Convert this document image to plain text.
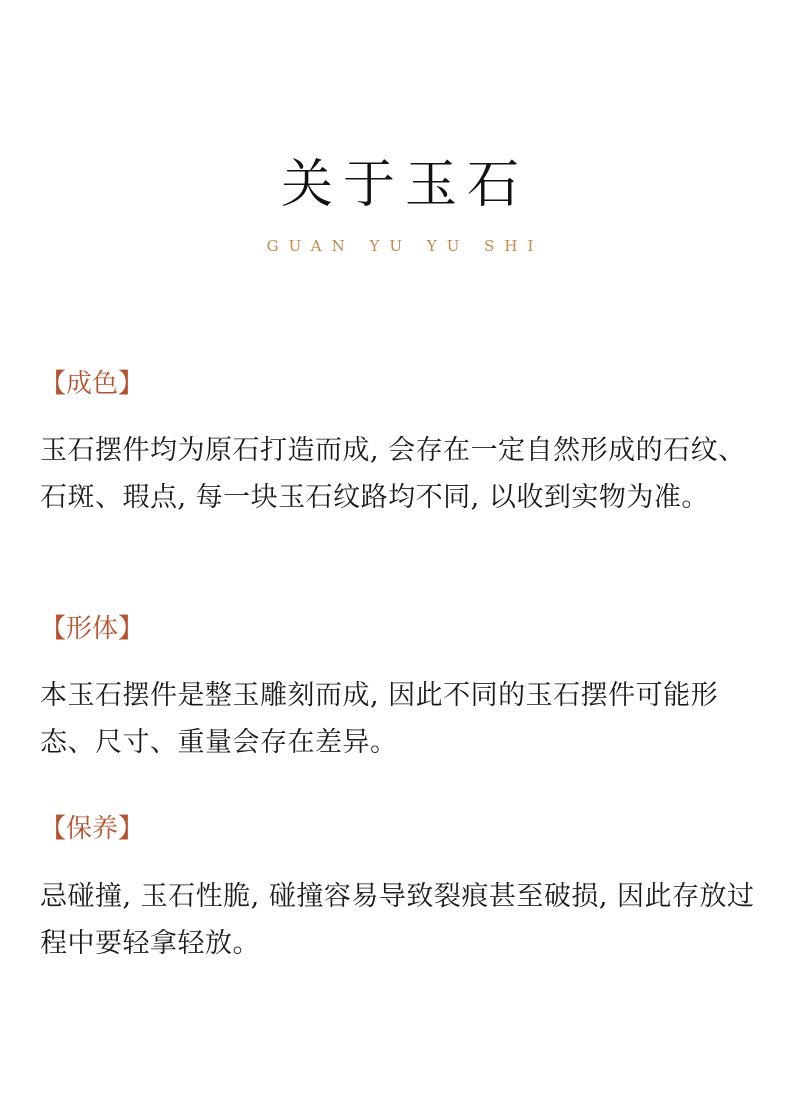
关于玉石
GUAN YU YU SHI
【成色】

玉石摆件均为原石打造而成, 会存在一定自然形成的石纹、石斑、瑕点, 每一块玉石纹路均不同, 以收到实物为准。

【形体】

本玉石摆件是整玉雕刻而成, 因此不同的玉石摆件可能形态、尺寸、重量会存在差异。

【保养】

忌碰撞, 玉石性脆, 碰撞容易导致裂痕甚至破损, 因此存放过程中要轻拿轻放。
